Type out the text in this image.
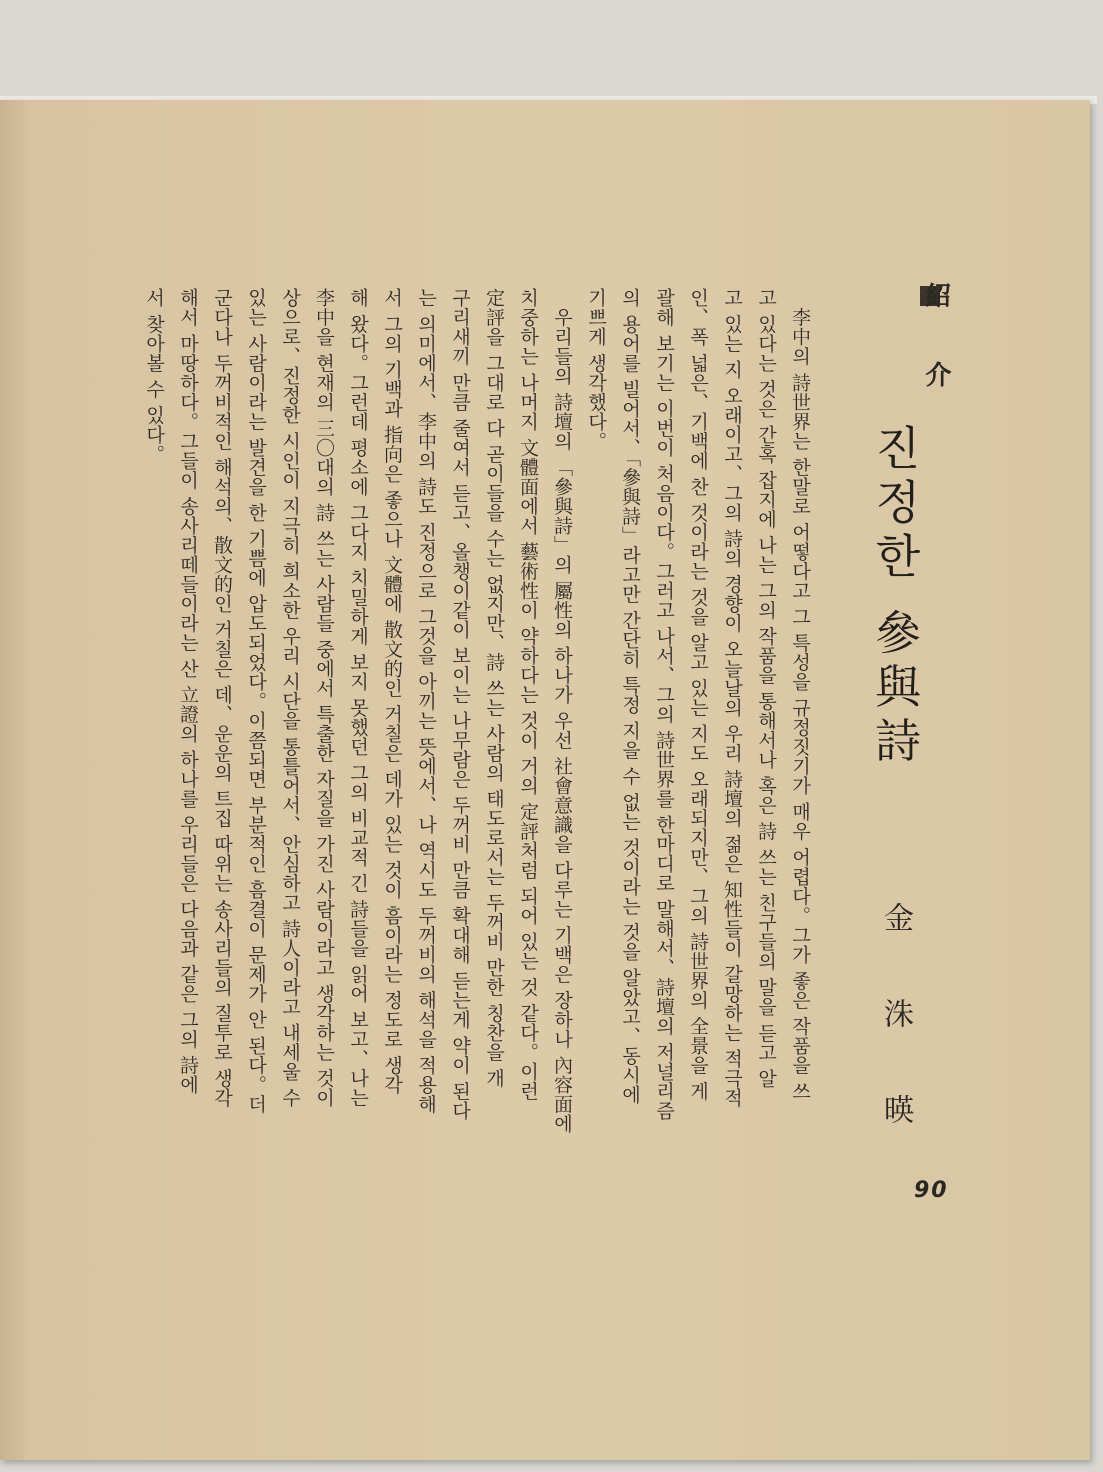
紹 介
진정한 參與詩
金洙暎
90
　李中의 詩世界는 한말로 어떻다고 그 특성을 규정짓기가 매우 어렵다。그가 좋은 작품을 쓰
고 있다는 것은 간혹 잡지에 나는 그의 작품을 통해서나 혹은 詩 쓰는 친구들의 말을 듣고 알
고 있는 지 오래이고、그의 詩의 경향이 오늘날의 우리 詩壇의 젊은 知性들이 갈망하는 적극적
인、폭 넓은、기백에 찬 것이라는 것을 알고 있는 지도 오래되지만、그의 詩世界의 全景을 게
괄해 보기는 이번이 처음이다。그러고 나서、그의 詩世界를 한마디로 말해서、詩壇의 저널리즘
의 용어를 빌어서、「參與詩」라고만 간단히 특정 지을 수 없는 것이라는 것을 알았고、동시에
기쁘게 생각했다。
　우리들의 詩壇의 「參與詩」의 屬性의 하나가 우선 社會意識을 다루는 기백은 장하나 內容面에
치중하는 나머지 文體面에서 藝術性이 약하다는 것이 거의 定評처럼 되어 있는 것 같다。이런
定評을 그대로 다 곧이들을 수는 없지만、詩 쓰는 사람의 태도로서는 두꺼비 만한 칭찬을 개
구리새끼 만큼 줄여서 듣고、올챙이같이 보이는 나무람은 두꺼비 만큼 확대해 듣는게 약이 된다
는 의미에서、李中의 詩도 진정으로 그것을 아끼는 뜻에서、나 역시도 두꺼비의 해석을 적용해
서 그의 기백과 指向은 좋으나 文體에 散文的인 거칠은 데가 있는 것이 흠이라는 정도로 생각
해 왔다。그런데 평소에 그다지 치밀하게 보지 못했던 그의 비교적 긴 詩들을 읽어 보고、나는
李中을 현재의 三〇대의 詩 쓰는 사람들 중에서 특출한 자질을 가진 사람이라고 생각하는 것이
상으로、진정한 시인이 지극히 희소한 우리 시단을 통틀어서、안심하고 詩人이라고 내세울 수
있는 사람이라는 발견을 한 기쁨에 압도되었다。이쯤되면 부분적인 흠결이 문제가 안 된다。더
군다나 두꺼비적인 해석의、散文的인 거칠은 데、운운의 트집 따위는 송사리들의 질투로 생각
해서 마땅하다。그들이 송사리떼들이라는 산 立證의 하나를 우리들은 다음과 같은 그의 詩에
서 찾아볼 수 있다。
